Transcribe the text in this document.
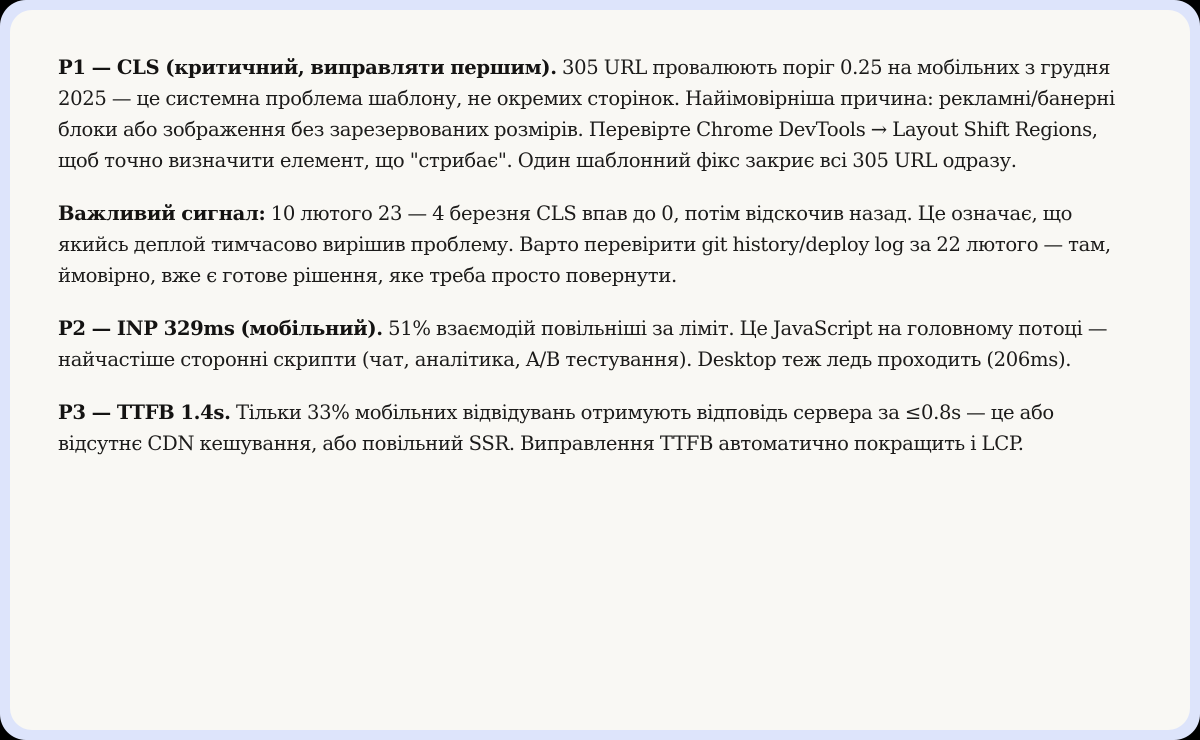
P1 — CLS (критичний, виправляти першим). 305 URL провалюють поріг 0.25 на мобільних з грудня 2025 — це системна проблема шаблону, не окремих сторінок. Найімовірніша причина: рекламні/банерні блоки або зображення без зарезервованих розмірів. Перевірте Chrome DevTools → Layout Shift Regions, щоб точно визначити елемент, що "стрибає". Один шаблонний фікс закриє всі 305 URL одразу.

Важливий сигнал: 10 лютого 23 — 4 березня CLS впав до 0, потім відскочив назад. Це означає, що якийсь деплой тимчасово вирішив проблему. Варто перевірити git history/deploy log за 22 лютого — там, ймовірно, вже є готове рішення, яке треба просто повернути.

P2 — INP 329ms (мобільний). 51% взаємодій повільніші за ліміт. Це JavaScript на головному потоці — найчастіше сторонні скрипти (чат, аналітика, A/B тестування). Desktop теж ледь проходить (206ms).

P3 — TTFB 1.4s. Тільки 33% мобільних відвідувань отримують відповідь сервера за ≤0.8s — це або відсутнє CDN кешування, або повільний SSR. Виправлення TTFB автоматично покращить і LCP.
